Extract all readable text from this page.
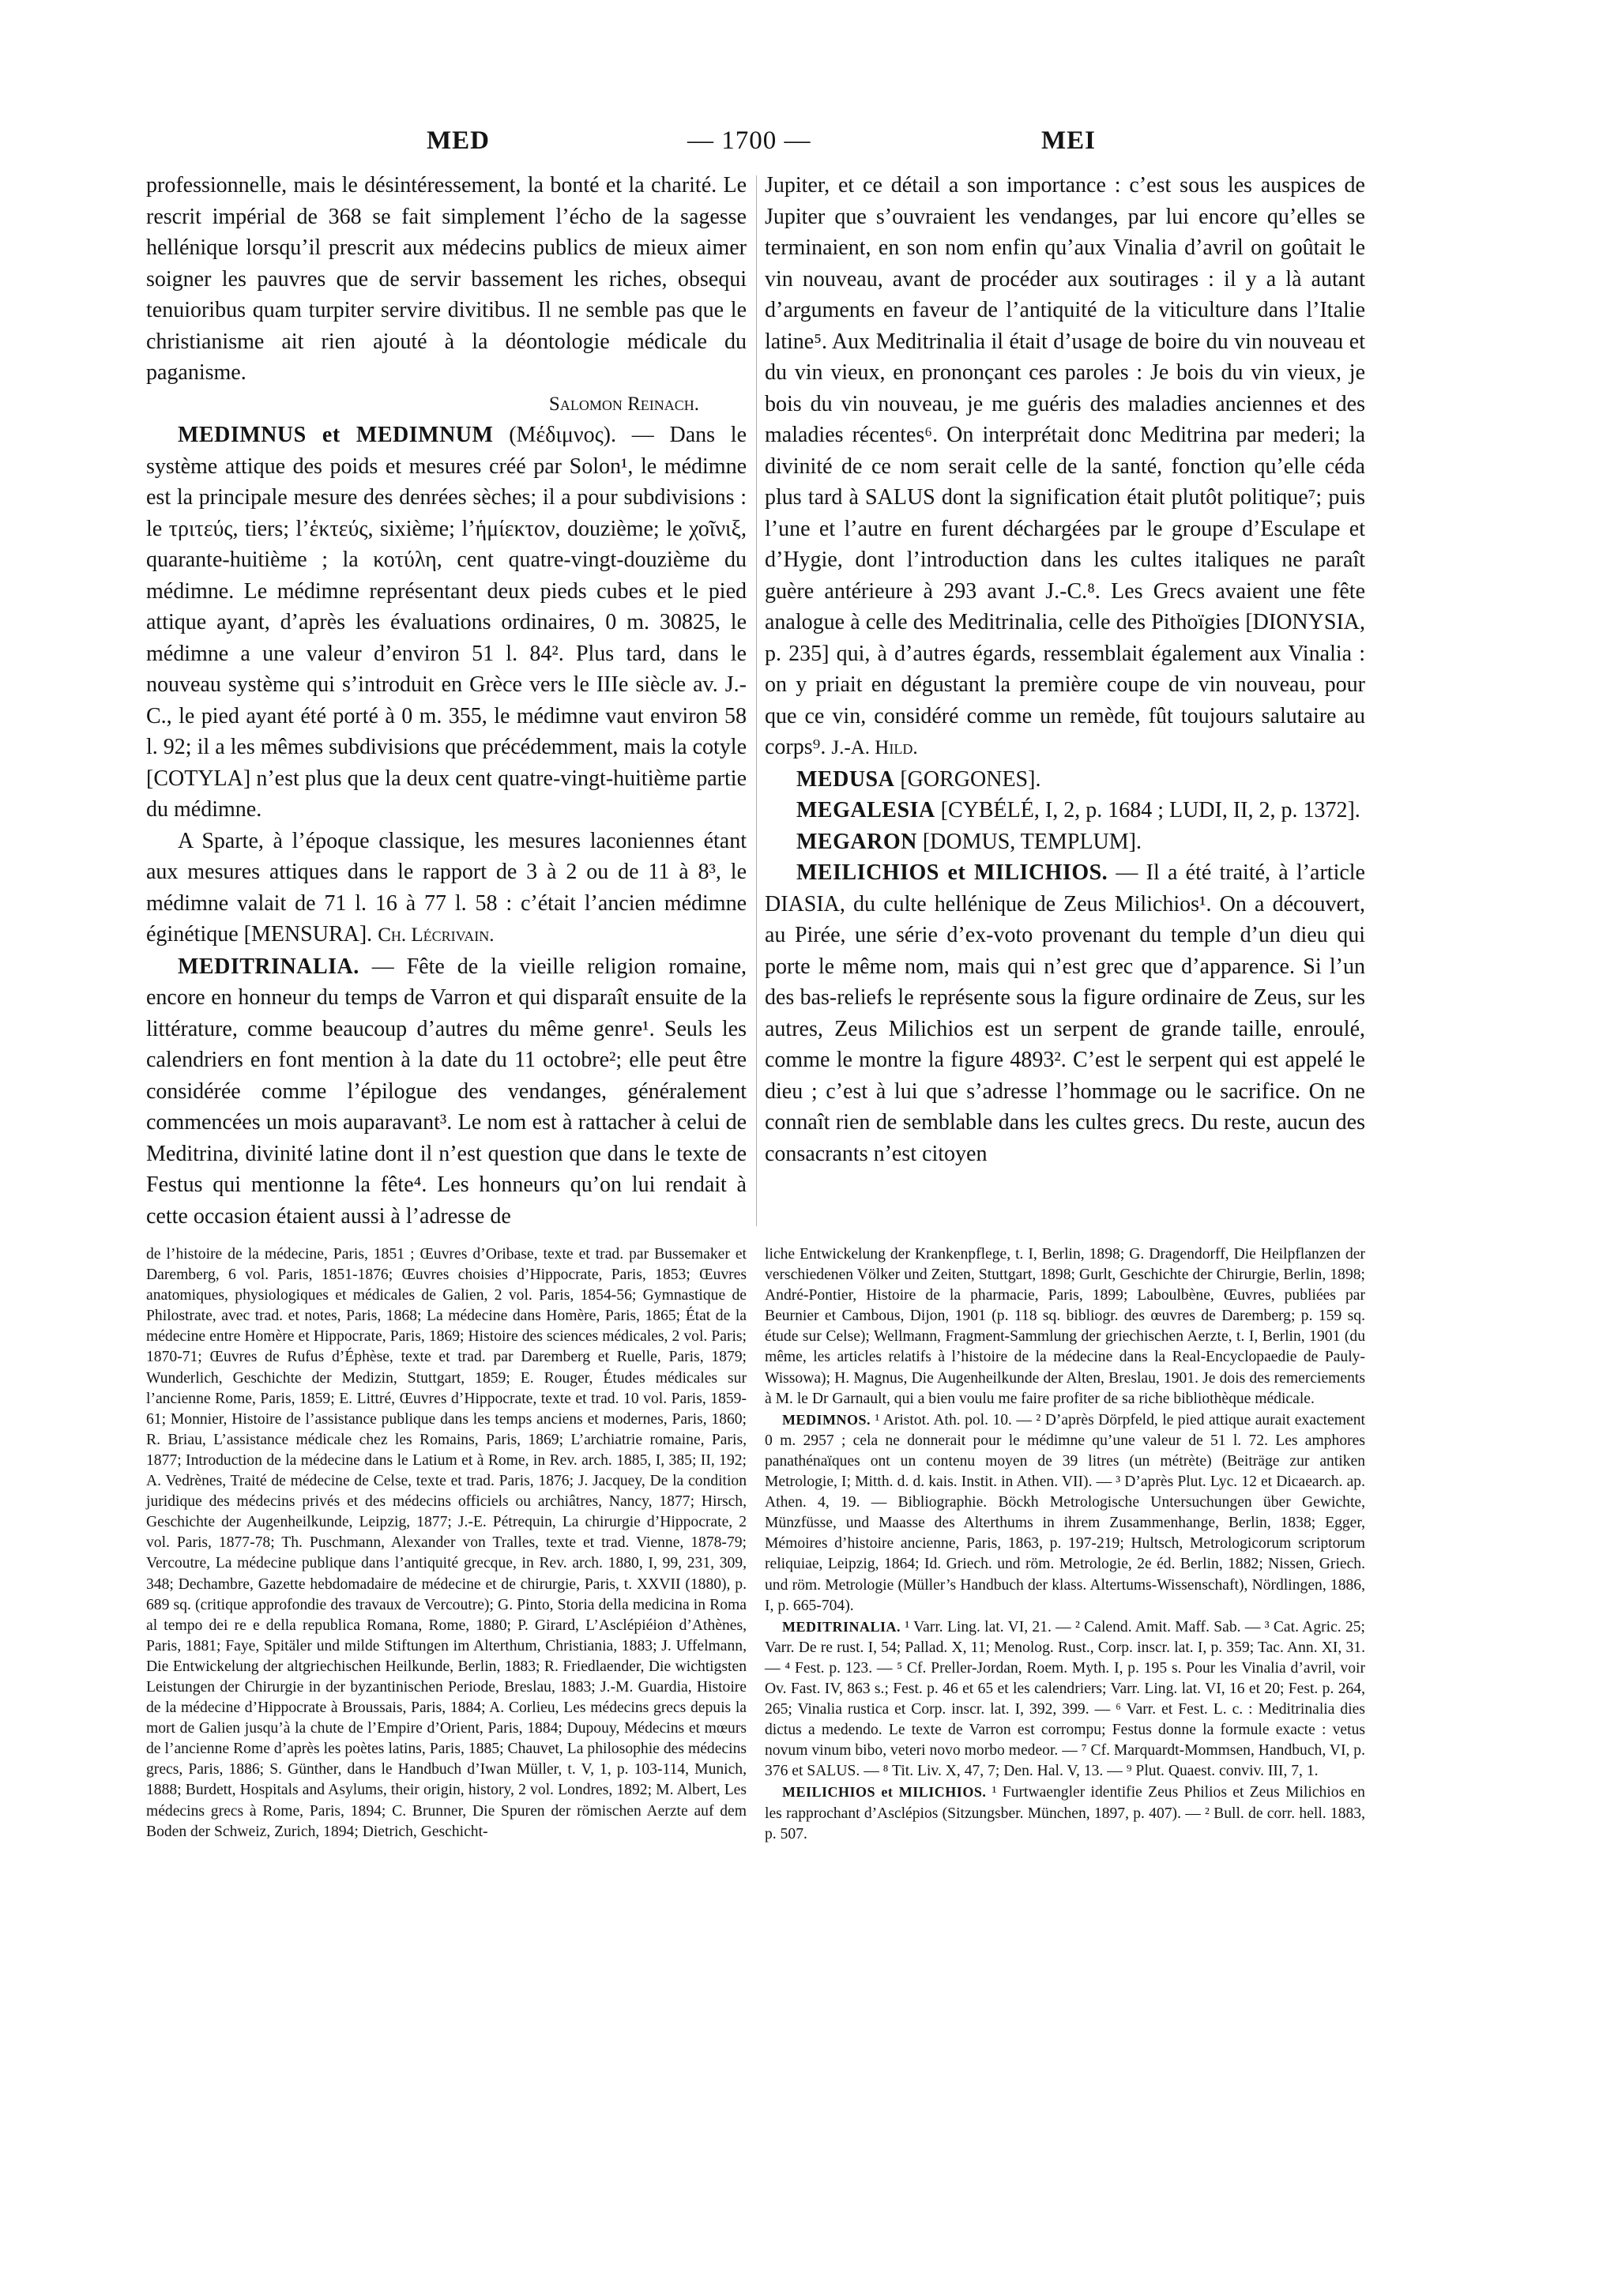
MED	— 1700 —	MEI

professionnelle, mais le désintéressement, la bonté et la charité. Le rescrit impérial de 368 se fait simplement l’écho de la sagesse hellénique lorsqu’il prescrit aux médecins publics de mieux aimer soigner les pauvres que de servir bassement les riches, obsequi tenuioribus quam turpiter servire divitibus. Il ne semble pas que le christianisme ait rien ajouté à la déontologie médicale du paganisme.

Salomon Reinach.

MEDIMNUS et MEDIMNUM (Μέδιμνος). — Dans le système attique des poids et mesures créé par Solon¹, le médimne est la principale mesure des denrées sèches; il a pour subdivisions : le τριτεύς, tiers; l’ἑκτεύς, sixième; l’ἡμίεκτον, douzième; le χοῖνιξ, quarante-huitième ; la κοτύλη, cent quatre-vingt-douzième du médimne. Le médimne représentant deux pieds cubes et le pied attique ayant, d’après les évaluations ordinaires, 0 m. 30825, le médimne a une valeur d’environ 51 l. 84². Plus tard, dans le nouveau système qui s’introduit en Grèce vers le IIIe siècle av. J.-C., le pied ayant été porté à 0 m. 355, le médimne vaut environ 58 l. 92; il a les mêmes subdivisions que précédemment, mais la cotyle [COTYLA] n’est plus que la deux cent quatre-vingt-huitième partie du médimne.

A Sparte, à l’époque classique, les mesures laconiennes étant aux mesures attiques dans le rapport de 3 à 2 ou de 11 à 8³, le médimne valait de 71 l. 16 à 77 l. 58 : c’était l’ancien médimne éginétique [MENSURA]. Ch. Lécrivain.

MEDITRINALIA. — Fête de la vieille religion romaine, encore en honneur du temps de Varron et qui disparaît ensuite de la littérature, comme beaucoup d’autres du même genre¹. Seuls les calendriers en font mention à la date du 11 octobre²; elle peut être considérée comme l’épilogue des vendanges, généralement commencées un mois auparavant³. Le nom est à rattacher à celui de Meditrina, divinité latine dont il n’est question que dans le texte de Festus qui mentionne la fête⁴. Les honneurs qu’on lui rendait à cette occasion étaient aussi à l’adresse de

Jupiter, et ce détail a son importance : c’est sous les auspices de Jupiter que s’ouvraient les vendanges, par lui encore qu’elles se terminaient, en son nom enfin qu’aux Vinalia d’avril on goûtait le vin nouveau, avant de procéder aux soutirages : il y a là autant d’arguments en faveur de l’antiquité de la viticulture dans l’Italie latine⁵. Aux Meditrinalia il était d’usage de boire du vin nouveau et du vin vieux, en prononçant ces paroles : Je bois du vin vieux, je bois du vin nouveau, je me guéris des maladies anciennes et des maladies récentes⁶. On interprétait donc Meditrina par mederi; la divinité de ce nom serait celle de la santé, fonction qu’elle céda plus tard à SALUS dont la signification était plutôt politique⁷; puis l’une et l’autre en furent déchargées par le groupe d’Esculape et d’Hygie, dont l’introduction dans les cultes italiques ne paraît guère antérieure à 293 avant J.-C.⁸. Les Grecs avaient une fête analogue à celle des Meditrinalia, celle des Pithoïgies [DIONYSIA, p. 235] qui, à d’autres égards, ressemblait également aux Vinalia : on y priait en dégustant la première coupe de vin nouveau, pour que ce vin, considéré comme un remède, fût toujours salutaire au corps⁹. J.-A. Hild.

MEDUSA [GORGONES].

MEGALESIA [CYBÉLÉ, I, 2, p. 1684 ; LUDI, II, 2, p. 1372].

MEGARON [DOMUS, TEMPLUM].

MEILICHIOS et MILICHIOS. — Il a été traité, à l’article DIASIA, du culte hellénique de Zeus Milichios¹. On a découvert, au Pirée, une série d’ex-voto provenant du temple d’un dieu qui porte le même nom, mais qui n’est grec que d’apparence. Si l’un des bas-reliefs le représente sous la figure ordinaire de Zeus, sur les autres, Zeus Milichios est un serpent de grande taille, enroulé, comme le montre la figure 4893². C’est le serpent qui est appelé le dieu ; c’est à lui que s’adresse l’hommage ou le sacrifice. On ne connaît rien de semblable dans les cultes grecs. Du reste, aucun des consacrants n’est citoyen

de l’histoire de la médecine, Paris, 1851 ; Œuvres d’Oribase, texte et trad. par Bussemaker et Daremberg, 6 vol. Paris, 1851-1876; Œuvres choisies d’Hippocrate, Paris, 1853; Œuvres anatomiques, physiologiques et médicales de Galien, 2 vol. Paris, 1854-56; Gymnastique de Philostrate, avec trad. et notes, Paris, 1868; La médecine dans Homère, Paris, 1865; État de la médecine entre Homère et Hippocrate, Paris, 1869; Histoire des sciences médicales, 2 vol. Paris; 1870-71; Œuvres de Rufus d’Éphèse, texte et trad. par Daremberg et Ruelle, Paris, 1879; Wunderlich, Geschichte der Medizin, Stuttgart, 1859; E. Rouger, Études médicales sur l’ancienne Rome, Paris, 1859; E. Littré, Œuvres d’Hippocrate, texte et trad. 10 vol. Paris, 1859-61; Monnier, Histoire de l’assistance publique dans les temps anciens et modernes, Paris, 1860; R. Briau, L’assistance médicale chez les Romains, Paris, 1869; L’archiatrie romaine, Paris, 1877; Introduction de la médecine dans le Latium et à Rome, in Rev. arch. 1885, I, 385; II, 192; A. Vedrènes, Traité de médecine de Celse, texte et trad. Paris, 1876; J. Jacquey, De la condition juridique des médecins privés et des médecins officiels ou archiâtres, Nancy, 1877; Hirsch, Geschichte der Augenheilkunde, Leipzig, 1877; J.-E. Pétrequin, La chirurgie d’Hippocrate, 2 vol. Paris, 1877-78; Th. Puschmann, Alexander von Tralles, texte et trad. Vienne, 1878-79; Vercoutre, La médecine publique dans l’antiquité grecque, in Rev. arch. 1880, I, 99, 231, 309, 348; Dechambre, Gazette hebdomadaire de médecine et de chirurgie, Paris, t. XXVII (1880), p. 689 sq. (critique approfondie des travaux de Vercoutre); G. Pinto, Storia della medicina in Roma al tempo dei re e della republica Romana, Rome, 1880; P. Girard, L’Asclépiéion d’Athènes, Paris, 1881; Faye, Spitäler und milde Stiftungen im Alterthum, Christiania, 1883; J. Uffelmann, Die Entwickelung der altgriechischen Heilkunde, Berlin, 1883; R. Friedlaender, Die wichtigsten Leistungen der Chirurgie in der byzantinischen Periode, Breslau, 1883; J.-M. Guardia, Histoire de la médecine d’Hippocrate à Broussais, Paris, 1884; A. Corlieu, Les médecins grecs depuis la mort de Galien jusqu’à la chute de l’Empire d’Orient, Paris, 1884; Dupouy, Médecins et mœurs de l’ancienne Rome d’après les poètes latins, Paris, 1885; Chauvet, La philosophie des médecins grecs, Paris, 1886; S. Günther, dans le Handbuch d’Iwan Müller, t. V, 1, p. 103-114, Munich, 1888; Burdett, Hospitals and Asylums, their origin, history, 2 vol. Londres, 1892; M. Albert, Les médecins grecs à Rome, Paris, 1894; C. Brunner, Die Spuren der römischen Aerzte auf dem Boden der Schweiz, Zurich, 1894; Dietrich, Geschicht-

liche Entwickelung der Krankenpflege, t. I, Berlin, 1898; G. Dragendorff, Die Heilpflanzen der verschiedenen Völker und Zeiten, Stuttgart, 1898; Gurlt, Geschichte der Chirurgie, Berlin, 1898; André-Pontier, Histoire de la pharmacie, Paris, 1899; Laboulbène, Œuvres, publiées par Beurnier et Cambous, Dijon, 1901 (p. 118 sq. bibliogr. des œuvres de Daremberg; p. 159 sq. étude sur Celse); Wellmann, Fragment-Sammlung der griechischen Aerzte, t. I, Berlin, 1901 (du même, les articles relatifs à l’histoire de la médecine dans la Real-Encyclopaedie de Pauly-Wissowa); H. Magnus, Die Augenheilkunde der Alten, Breslau, 1901. Je dois des remerciements à M. le Dr Garnault, qui a bien voulu me faire profiter de sa riche bibliothèque médicale.

MEDIMNOS. ¹ Aristot. Ath. pol. 10. — ² D’après Dörpfeld, le pied attique aurait exactement 0 m. 2957 ; cela ne donnerait pour le médimne qu’une valeur de 51 l. 72. Les amphores panathénaïques ont un contenu moyen de 39 litres (un métrète) (Beiträge zur antiken Metrologie, I; Mitth. d. d. kais. Instit. in Athen. VII). — ³ D’après Plut. Lyc. 12 et Dicaearch. ap. Athen. 4, 19. — Bibliographie. Böckh Metrologische Untersuchungen über Gewichte, Münzfüsse, und Maasse des Alterthums in ihrem Zusammenhange, Berlin, 1838; Egger, Mémoires d’histoire ancienne, Paris, 1863, p. 197-219; Hultsch, Metrologicorum scriptorum reliquiae, Leipzig, 1864; Id. Griech. und röm. Metrologie, 2e éd. Berlin, 1882; Nissen, Griech. und röm. Metrologie (Müller’s Handbuch der klass. Altertums-Wissenschaft), Nördlingen, 1886, I, p. 665-704).

MEDITRINALIA. ¹ Varr. Ling. lat. VI, 21. — ² Calend. Amit. Maff. Sab. — ³ Cat. Agric. 25; Varr. De re rust. I, 54; Pallad. X, 11; Menolog. Rust., Corp. inscr. lat. I, p. 359; Tac. Ann. XI, 31. — ⁴ Fest. p. 123. — ⁵ Cf. Preller-Jordan, Roem. Myth. I, p. 195 s. Pour les Vinalia d’avril, voir Ov. Fast. IV, 863 s.; Fest. p. 46 et 65 et les calendriers; Varr. Ling. lat. VI, 16 et 20; Fest. p. 264, 265; Vinalia rustica et Corp. inscr. lat. I, 392, 399. — ⁶ Varr. et Fest. L. c. : Meditrinalia dies dictus a medendo. Le texte de Varron est corrompu; Festus donne la formule exacte : vetus novum vinum bibo, veteri novo morbo medeor. — ⁷ Cf. Marquardt-Mommsen, Handbuch, VI, p. 376 et SALUS. — ⁸ Tit. Liv. X, 47, 7; Den. Hal. V, 13. — ⁹ Plut. Quaest. conviv. III, 7, 1.

MEILICHIOS et MILICHIOS. ¹ Furtwaengler identifie Zeus Philios et Zeus Milichios en les rapprochant d’Asclépios (Sitzungsber. München, 1897, p. 407). — ² Bull. de corr. hell. 1883, p. 507.
